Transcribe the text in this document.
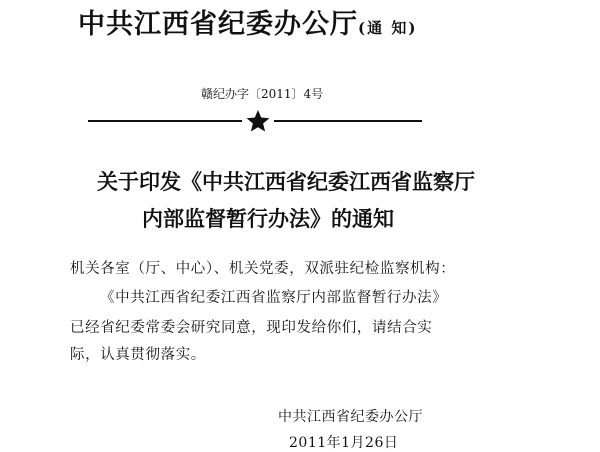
中共江西省纪委办公厅(通 知)
赣纪办字〔2011〕4号
关于印发《中共江西省纪委江西省监察厅
内部监督暂行办法》的通知
机关各室（厅、中心）、机关党委，双派驻纪检监察机构：
《中共江西省纪委江西省监察厅内部监督暂行办法》
已经省纪委常委会研究同意，现印发给你们，请结合实
际，认真贯彻落实。
中共江西省纪委办公厅
2011年1月26日
